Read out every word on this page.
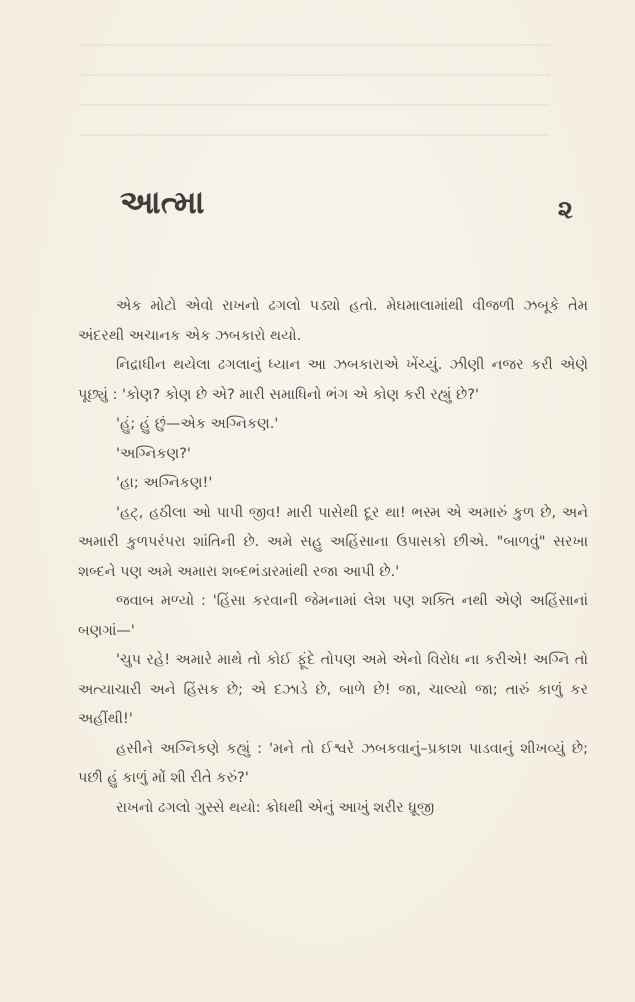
આત્મા	૨

એક મોટો એવો રાખનો ઢગલો પડ્યો હતો. મેઘમાલામાંથી વીજળી ઝબૂકે તેમ અંદરથી અચાનક એક ઝબકારો થયો.

નિદ્રાધીન થયેલા ઢગલાનું ધ્યાન આ ઝબકારાએ ખેંચ્યું. ઝીણી નજર કરી એણે પૂછ્યું : 'કોણ? કોણ છે એ? મારી સમાધિનો ભંગ એ કોણ કરી રહ્યું છે?'

'હું; હું છું—એક અગ્નિકણ.'

'અગ્નિકણ?'

'હા; અગ્નિકણ!'

'હટ્, હઠીલા ઓ પાપી જીવ! મારી પાસેથી દૂર થા! ભસ્મ એ અમારું કુળ છે, અને અમારી કુળપરંપરા શાંતિની છે. અમે સહુ અહિંસાના ઉપાસકો છીએ. "બાળવું" સરખા શબ્દને પણ અમે અમારા શબ્દભંડારમાંથી રજા આપી છે.'

જવાબ મળ્યો : 'હિંસા કરવાની જેમનામાં લેશ પણ શક્તિ નથી એણે અહિંસાનાં બણગાં—'

'ચુપ રહે! અમારે માથે તો કોઈ ફૂંદે તોપણ અમે એનો વિરોધ ના કરીએ! અગ્નિ તો અત્યાચારી અને હિંસક છે; એ દઝાડે છે, બાળે છે! જા, ચાલ્યો જા; તારું કાળું કર અહીંથી!'

હસીને અગ્નિકણે કહ્યું : 'મને તો ઈશ્વરે ઝબકવાનું–પ્રકાશ પાડવાનું શીખવ્યું છે; પછી હું કાળું મોં શી રીતે કરું?'

રાખનો ઢગલો ગુસ્સે થયો: ક્રોધથી એનું આખું શરીર ધ્રૂજી
